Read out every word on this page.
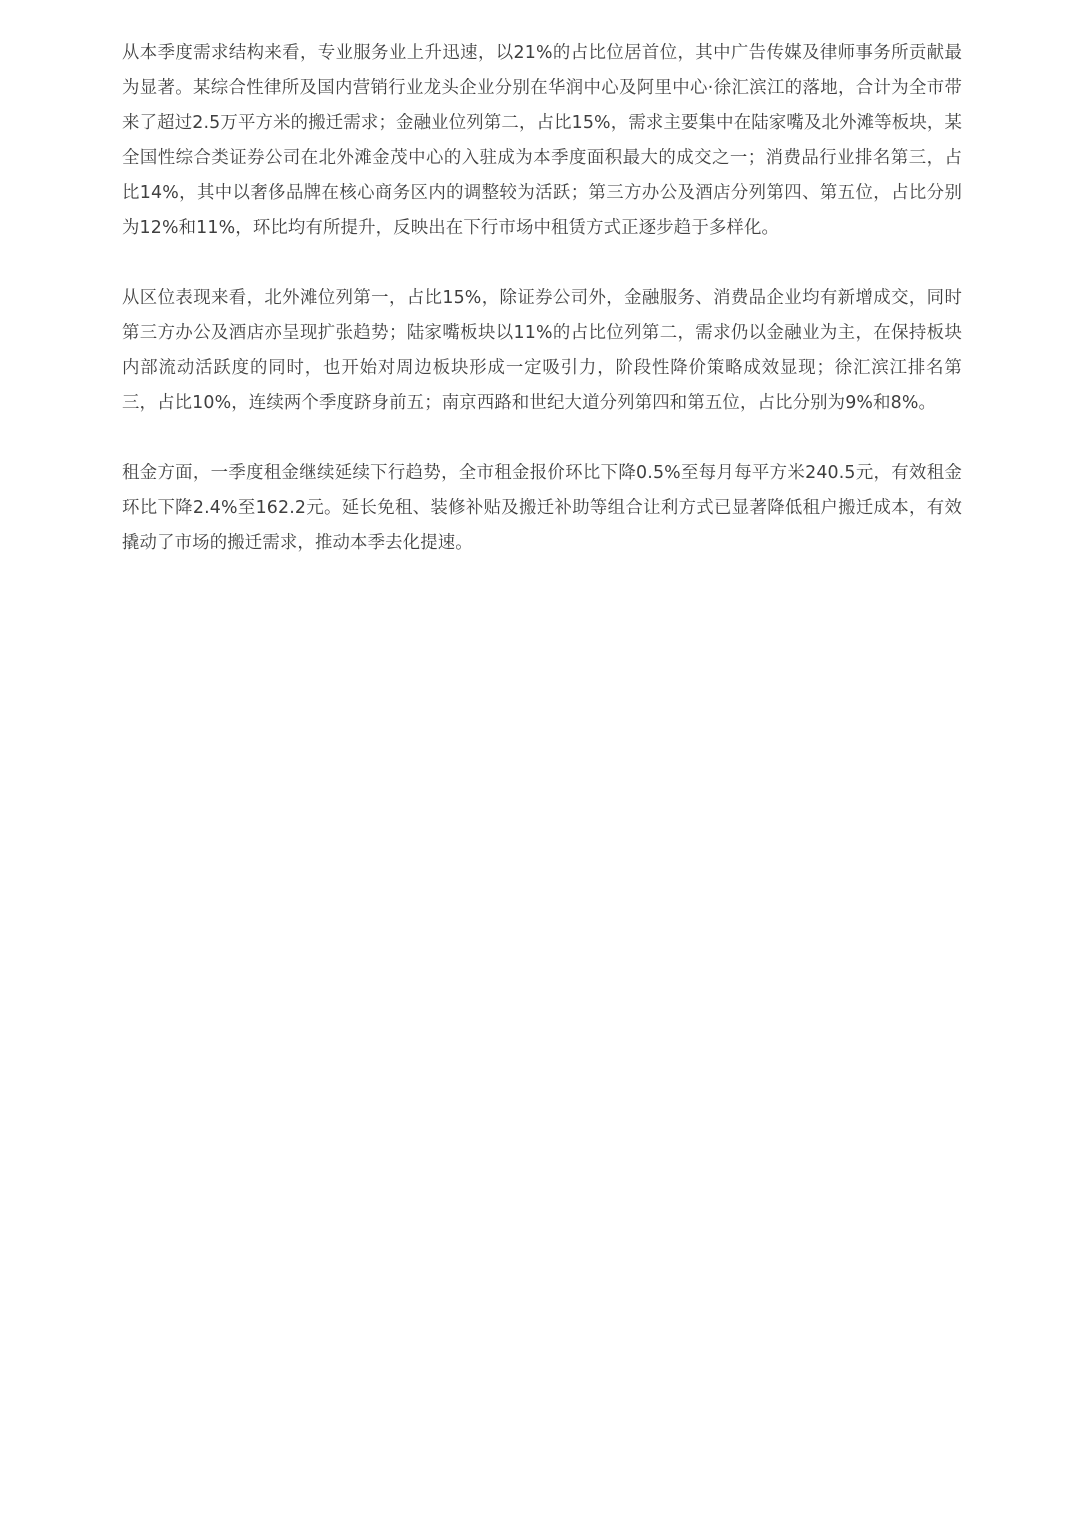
从本季度需求结构来看，专业服务业上升迅速，以21%的占比位居首位，其中广告传媒及律师事务所贡献最为显著。某综合性律所及国内营销行业龙头企业分别在华润中心及阿里中心·徐汇滨江的落地，合计为全市带来了超过2.5万平方米的搬迁需求；金融业位列第二，占比15%，需求主要集中在陆家嘴及北外滩等板块，某全国性综合类证券公司在北外滩金茂中心的入驻成为本季度面积最大的成交之一；消费品行业排名第三，占比14%，其中以奢侈品牌在核心商务区内的调整较为活跃；第三方办公及酒店分列第四、第五位，占比分别为12%和11%，环比均有所提升，反映出在下行市场中租赁方式正逐步趋于多样化。

从区位表现来看，北外滩位列第一，占比15%，除证券公司外，金融服务、消费品企业均有新增成交，同时第三方办公及酒店亦呈现扩张趋势；陆家嘴板块以11%的占比位列第二，需求仍以金融业为主，在保持板块内部流动活跃度的同时，也开始对周边板块形成一定吸引力，阶段性降价策略成效显现；徐汇滨江排名第三，占比10%，连续两个季度跻身前五；南京西路和世纪大道分列第四和第五位，占比分别为9%和8%。

租金方面，一季度租金继续延续下行趋势，全市租金报价环比下降0.5%至每月每平方米240.5元，有效租金环比下降2.4%至162.2元。延长免租、装修补贴及搬迁补助等组合让利方式已显著降低租户搬迁成本，有效撬动了市场的搬迁需求，推动本季去化提速。
